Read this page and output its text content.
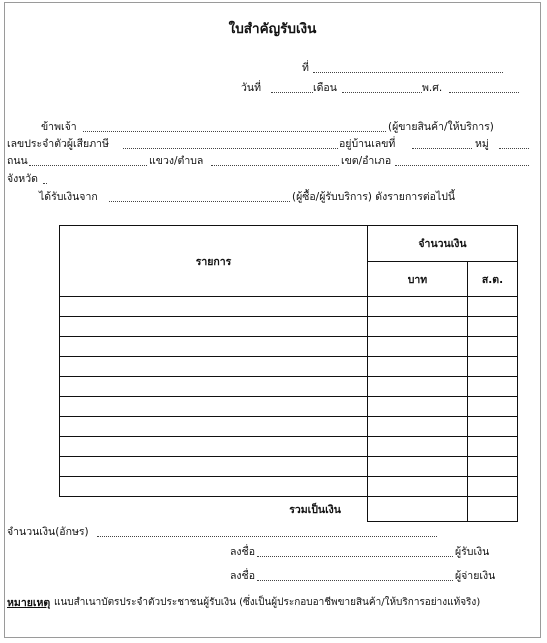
ใบสำคัญรับเงิน
ที่
วันที่	เดือน	พ.ศ.
ข้าพเจ้า	(ผู้ขายสินค้า/ให้บริการ)
เลขประจำตัวผู้เสียภาษี	อยู่บ้านเลขที่	หมู่
ถนน	แขวง/ตำบล	เขต/อำเภอ
จังหวัด
ได้รับเงินจาก	(ผู้ซื้อ/ผู้รับบริการ) ดังรายการต่อไปนี้
รายการ	จำนวนเงิน	
	บาท	ส.ต.

รวมเป็นเงิน		
จำนวนเงิน(อักษร)
ลงชื่อ	ผู้รับเงิน
ลงชื่อ	ผู้จ่ายเงิน
หมายเหตุ แนบสำเนาบัตรประจำตัวประชาชนผู้รับเงิน (ซึ่งเป็นผู้ประกอบอาชีพขายสินค้า/ให้บริการอย่างแท้จริง)
